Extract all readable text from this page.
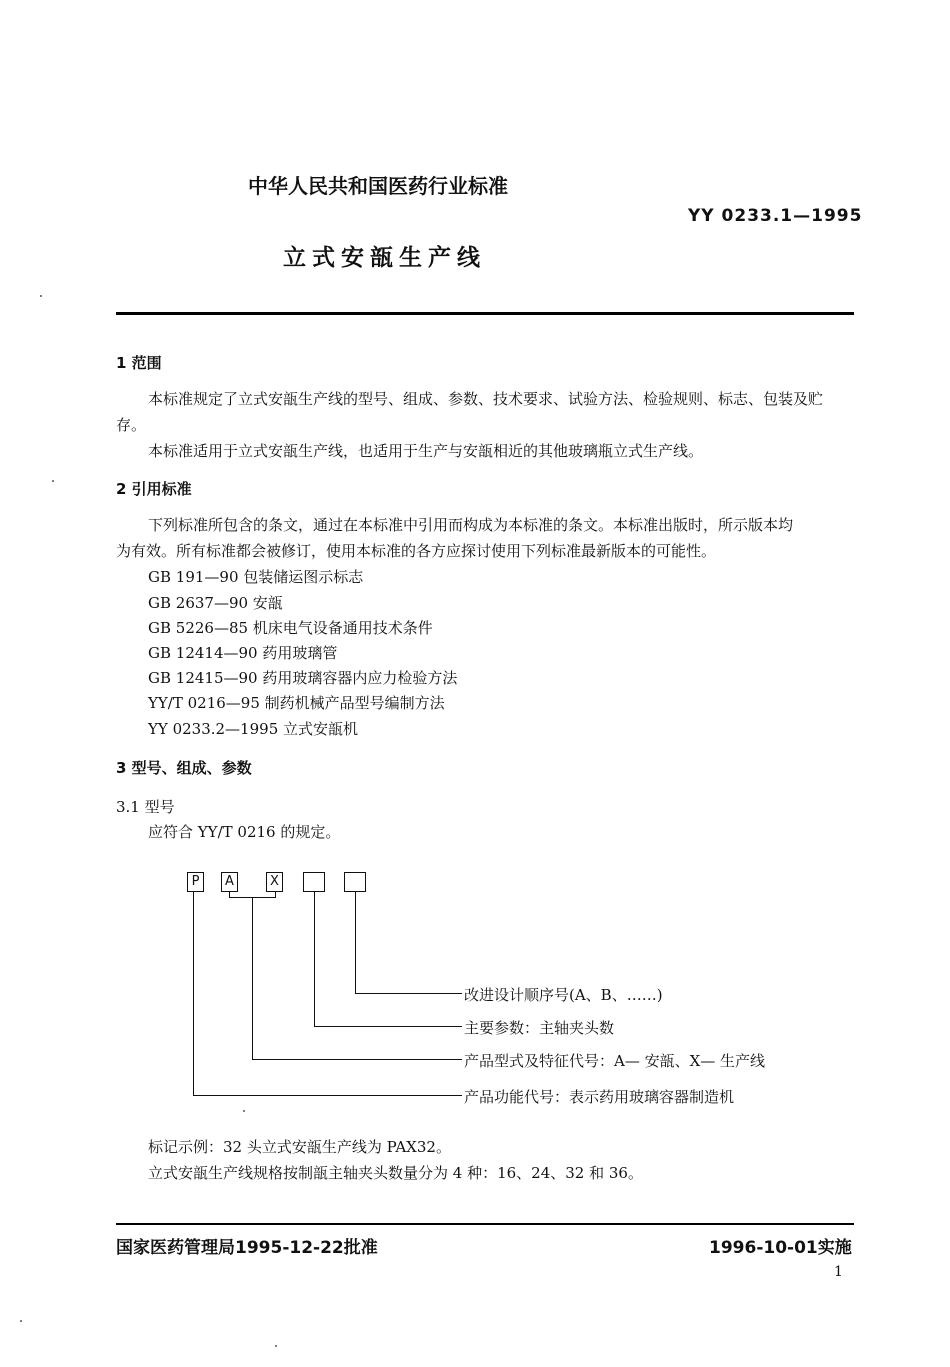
中华人民共和国医药行业标准
YY 0233.1—1995
立式安瓿生产线
1 范围
本标准规定了立式安瓿生产线的型号、组成、参数、技术要求、试验方法、检验规则、标志、包装及贮
存。
本标准适用于立式安瓿生产线，也适用于生产与安瓿相近的其他玻璃瓶立式生产线。
2 引用标准
下列标准所包含的条文，通过在本标准中引用而构成为本标准的条文。本标准出版时，所示版本均
为有效。所有标准都会被修订，使用本标准的各方应探讨使用下列标准最新版本的可能性。
GB 191—90 包装储运图示标志
GB 2637—90 安瓿
GB 5226—85 机床电气设备通用技术条件
GB 12414—90 药用玻璃管
GB 12415—90 药用玻璃容器内应力检验方法
YY/T 0216—95 制药机械产品型号编制方法
YY 0233.2—1995 立式安瓿机
3 型号、组成、参数
3.1 型号
应符合 YY/T 0216 的规定。
P	A	X
改进设计顺序号(A、B、……)
主要参数：主轴夹头数
产品型式及特征代号：A— 安瓿、X— 生产线
产品功能代号：表示药用玻璃容器制造机
标记示例：32 头立式安瓿生产线为 PAX32。
立式安瓿生产线规格按制瓿主轴夹头数量分为 4 种：16、24、32 和 36。
国家医药管理局1995-12-22批准	1996-10-01实施
1
